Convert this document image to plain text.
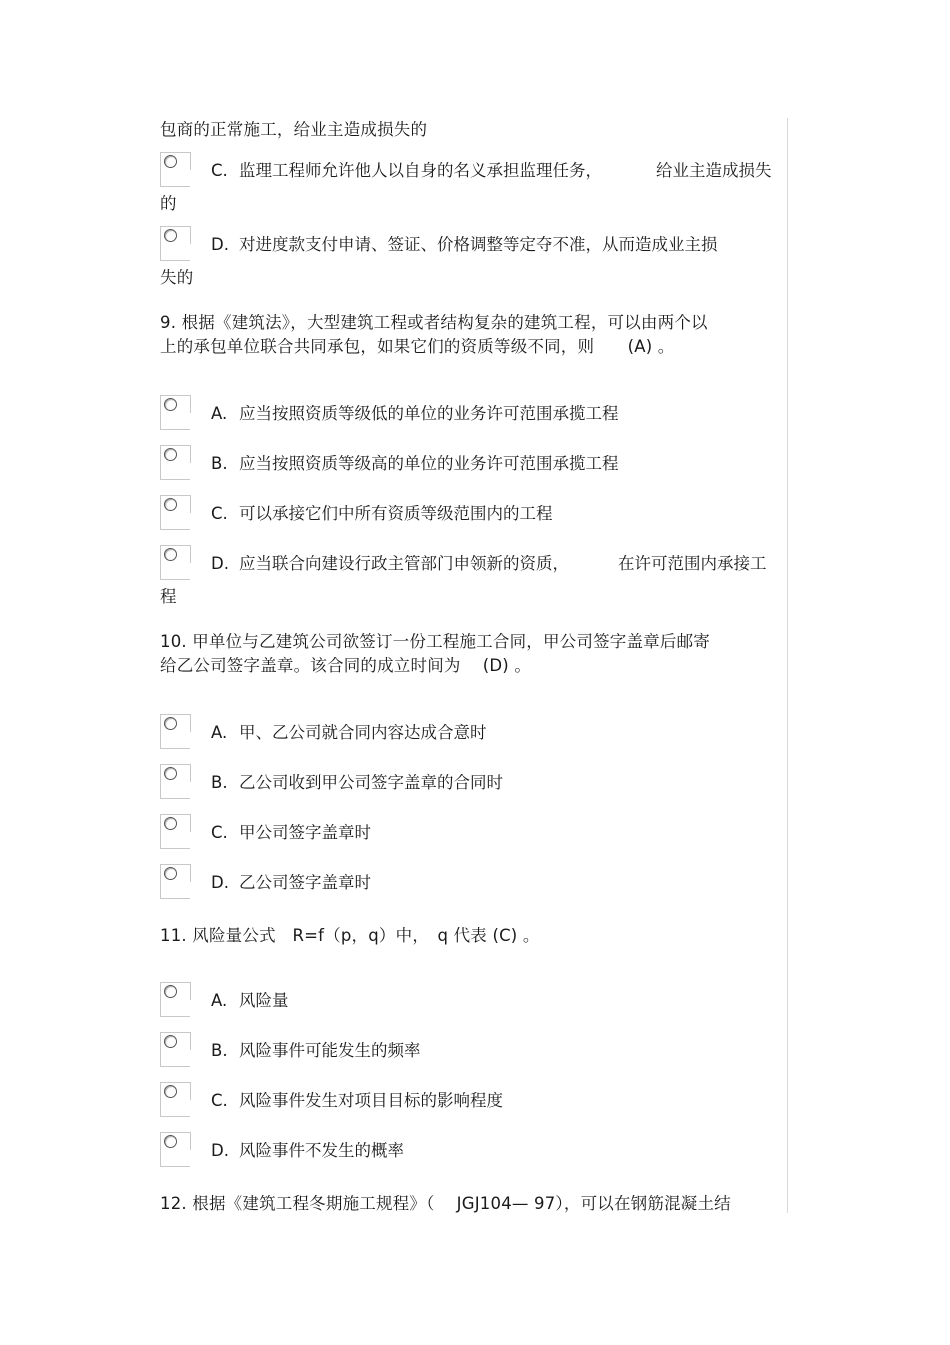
包商的正常施工，给业主造成损失的
C. 监理工程师允许他人以自身的名义承担监理任务，	给业主造成损失
的
D. 对进度款支付申请、签证、价格调整等定夺不准，从而造成业主损
失的
9. 根据《建筑法》，大型建筑工程或者结构复杂的建筑工程，可以由两个以
上的承包单位联合共同承包，如果它们的资质等级不同，则　　(A) 。
A. 应当按照资质等级低的单位的业务许可范围承揽工程
B. 应当按照资质等级高的单位的业务许可范围承揽工程
C. 可以承接它们中所有资质等级范围内的工程
D. 应当联合向建设行政主管部门申领新的资质，	在许可范围内承接工
程
10. 甲单位与乙建筑公司欲签订一份工程施工合同，甲公司签字盖章后邮寄
给乙公司签字盖章。该合同的成立时间为　 (D) 。
A. 甲、乙公司就合同内容达成合意时
B. 乙公司收到甲公司签字盖章的合同时
C. 甲公司签字盖章时
D. 乙公司签字盖章时
11. 风险量公式　R=f（p，q）中，　q 代表 (C) 。
A. 风险量
B. 风险事件可能发生的频率
C. 风险事件发生对项目目标的影响程度
D. 风险事件不发生的概率
12. 根据《建筑工程冬期施工规程》（　 JGJ104— 97），可以在钢筋混凝土结
